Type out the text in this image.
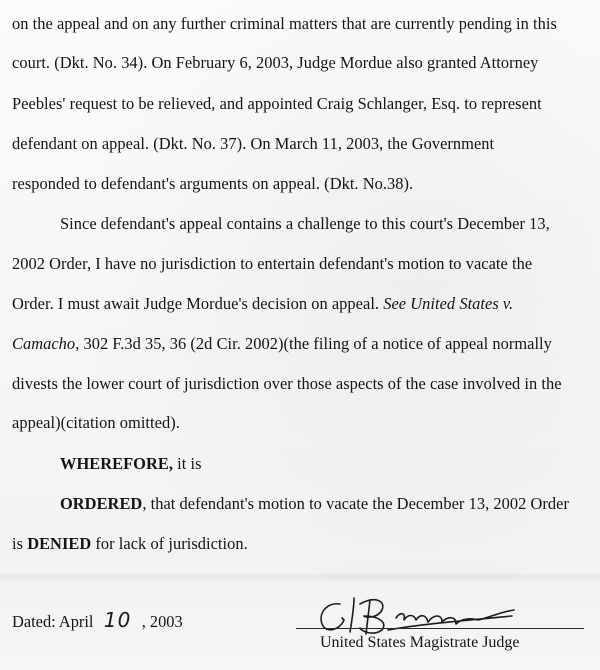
on the appeal and on any further criminal matters that are currently pending in this
court. (Dkt. No. 34). On February 6, 2003, Judge Mordue also granted Attorney
Peebles' request to be relieved, and appointed Craig Schlanger, Esq. to represent
defendant on appeal. (Dkt. No. 37). On March 11, 2003, the Government
responded to defendant's arguments on appeal. (Dkt. No.38).
Since defendant's appeal contains a challenge to this court's December 13,
2002 Order, I have no jurisdiction to entertain defendant's motion to vacate the
Order. I must await Judge Mordue's decision on appeal. See United States v.
Camacho, 302 F.3d 35, 36 (2d Cir. 2002)(the filing of a notice of appeal normally
divests the lower court of jurisdiction over those aspects of the case involved in the
appeal)(citation omitted).
WHEREFORE, it is
ORDERED, that defendant's motion to vacate the December 13, 2002 Order
is DENIED for lack of jurisdiction.
Dated: April 10 , 2003
United States Magistrate Judge
